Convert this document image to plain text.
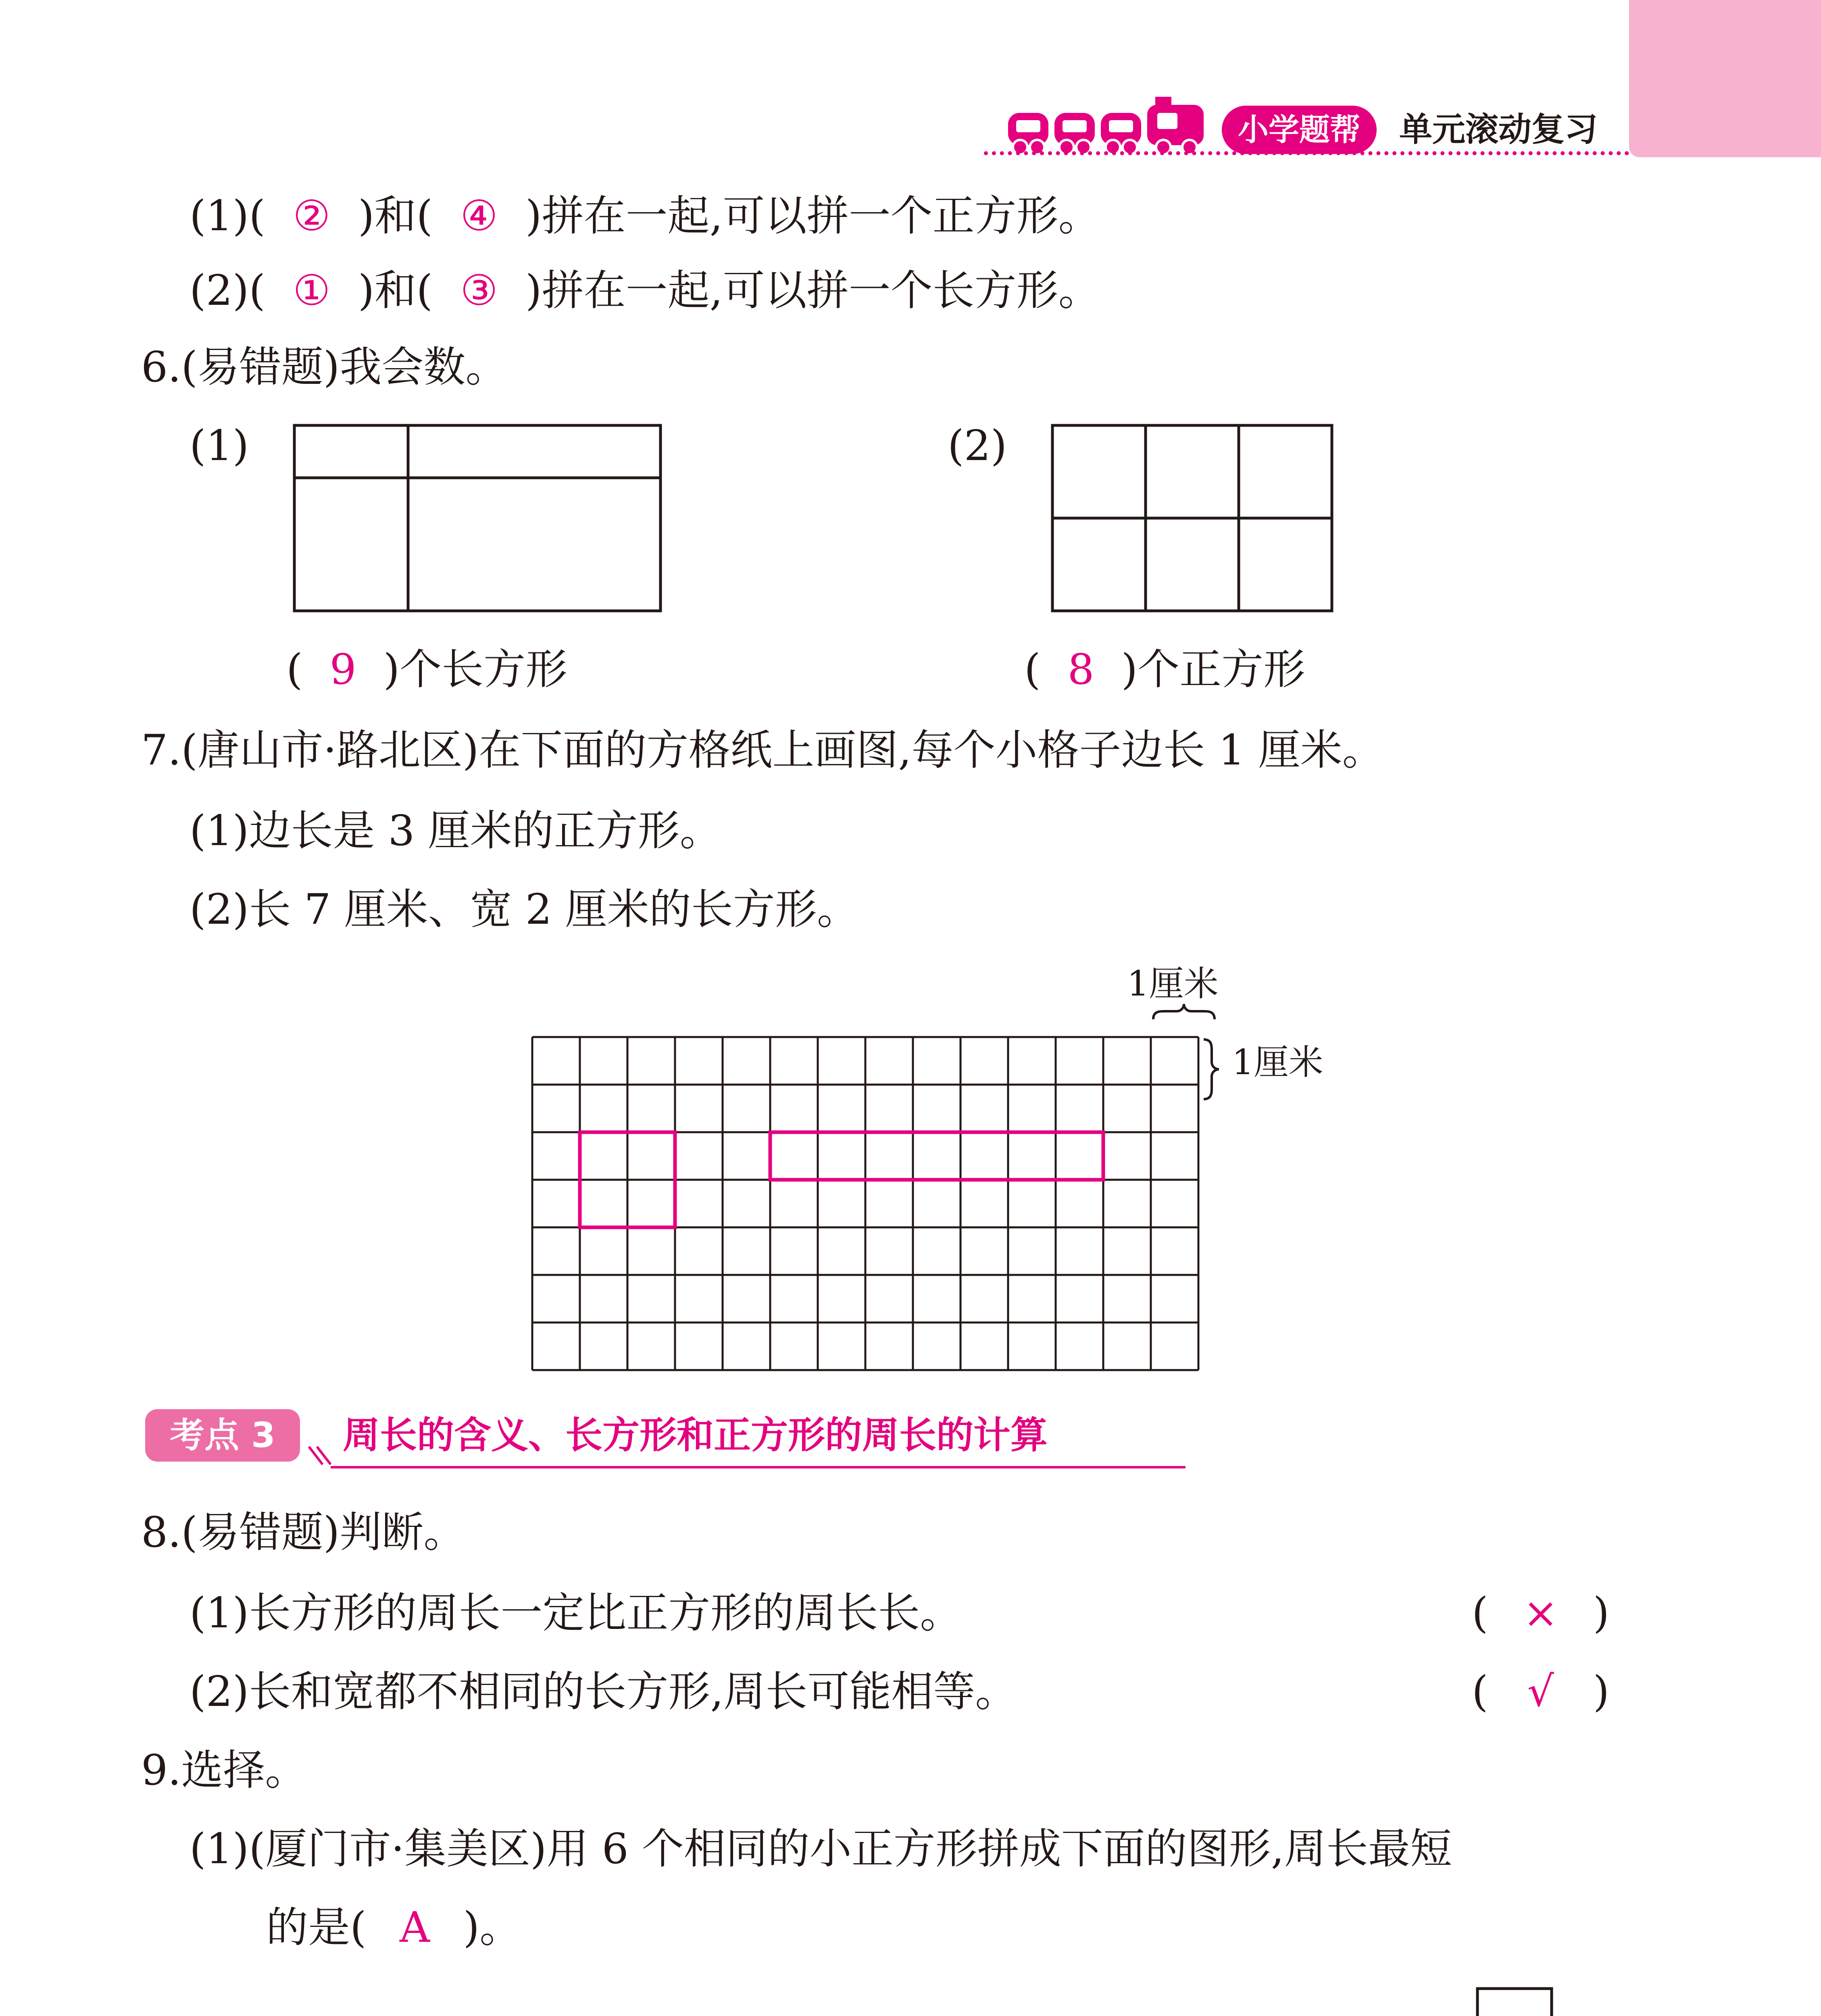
小学题帮	单元滚动复习
(1)( ② )和( ④ )拼在一起,可以拼一个正方形。
(2)( ① )和( ③ )拼在一起,可以拼一个长方形。
6.(易错题)我会数。
(1)
( 9 )个长方形
(2)
( 8 )个正方形
7.(唐山市·路北区)在下面的方格纸上画图,每个小格子边长 1 厘米。
(1)边长是 3 厘米的正方形。
(2)长 7 厘米、宽 2 厘米的长方形。
1厘米
1厘米
考点 3	周长的含义、长方形和正方形的周长的计算
8.(易错题)判断。
(1)长方形的周长一定比正方形的周长长。	( × )
(2)长和宽都不相同的长方形,周长可能相等。	( √ )
9.选择。
(1)(厦门市·集美区)用 6 个相同的小正方形拼成下面的图形,周长最短
的是( A )。
